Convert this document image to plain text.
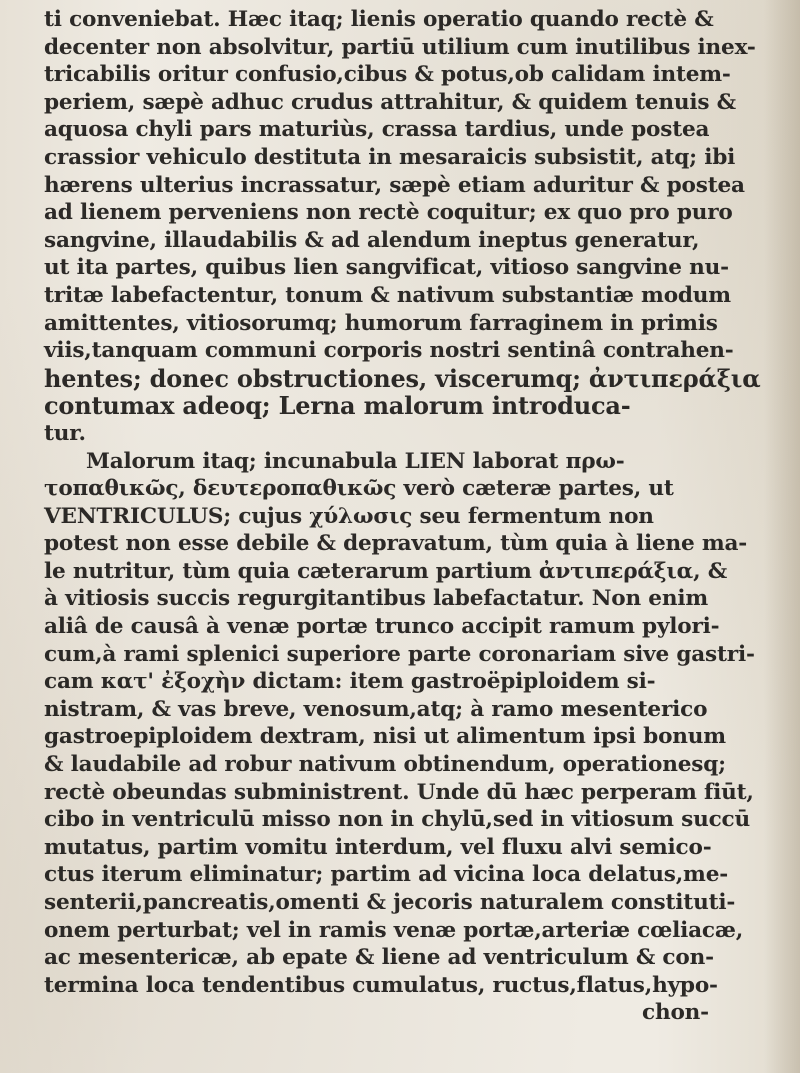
ti conveniebat. Hæc itaq; lienis operatio quando rectè &
decenter non absolvitur, partiū utilium cum inutilibus inex-
tricabilis oritur confusio,cibus & potus,ob calidam intem-
periem, sæpè adhuc crudus attrahitur, & quidem tenuis &
aquosa chyli pars maturiùs, crassa tardius, unde postea
crassior vehiculo destituta in mesaraicis subsistit, atq; ibi
hærens ulterius incrassatur, sæpè etiam aduritur & postea
ad lienem perveniens non rectè coquitur; ex quo pro puro
sangvine, illaudabilis & ad alendum ineptus generatur,
ut ita partes, quibus lien sangvificat, vitioso sangvine nu-
tritæ labefactentur, tonum & nativum substantiæ modum
amittentes, vitiosorumq; humorum farraginem in primis
viis,tanquam communi corporis nostri sentinâ contrahen-
hentes; donec obstructiones, viscerumq; ἀντιπεράξια
contumax adeoq; Lerna malorum introduca-
tur.
Malorum itaq; incunabula LIEN laborat πρω-
τοπαθικῶς, δευτεροπαθικῶς verò cæteræ partes, ut
VENTRICULUS; cujus χύλωσις seu fermentum non
potest non esse debile & depravatum, tùm quia à liene ma-
le nutritur, tùm quia cæterarum partium ἀντιπεράξια, &
à vitiosis succis regurgitantibus labefactatur. Non enim
aliâ de causâ à venæ portæ trunco accipit ramum pylori-
cum,à rami splenici superiore parte coronariam sive gastri-
cam κατ' ἐξοχὴν dictam: item gastroëpiploidem si-
nistram, & vas breve, venosum,atq; à ramo mesenterico
gastroepiploidem dextram, nisi ut alimentum ipsi bonum
& laudabile ad robur nativum obtinendum, operationesq;
rectè obeundas subministrent. Unde dū hæc perperam fiūt,
cibo in ventriculū misso non in chylū,sed in vitiosum succū
mutatus, partim vomitu interdum, vel fluxu alvi semico-
ctus iterum eliminatur; partim ad vicina loca delatus,me-
senterii,pancreatis,omenti & jecoris naturalem constituti-
onem perturbat; vel in ramis venæ portæ,arteriæ cœliacæ,
ac mesentericæ, ab epate & liene ad ventriculum & con-
termina loca tendentibus cumulatus, ructus,flatus,hypo-
chon-
